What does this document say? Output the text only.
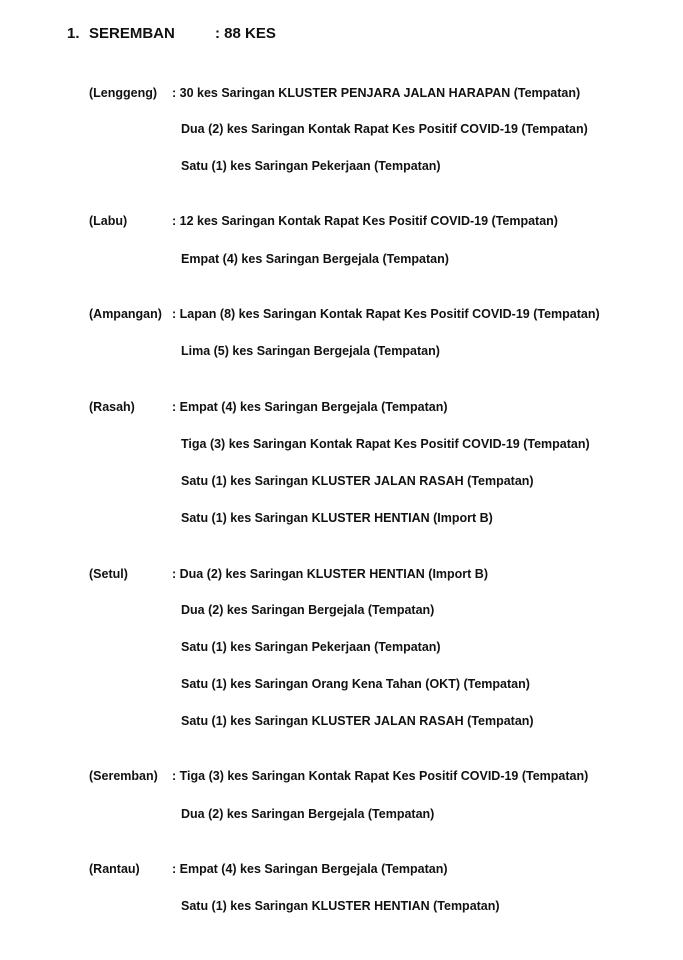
1. SEREMBAN	: 88 KES
(Lenggeng) : 30 kes Saringan KLUSTER PENJARA JALAN HARAPAN (Tempatan)
Dua (2) kes Saringan Kontak Rapat Kes Positif COVID-19 (Tempatan)
Satu (1) kes Saringan Pekerjaan (Tempatan)
(Labu)	: 12 kes Saringan Kontak Rapat Kes Positif COVID-19 (Tempatan)
Empat (4) kes Saringan Bergejala (Tempatan)
(Ampangan) : Lapan (8) kes Saringan Kontak Rapat Kes Positif COVID-19 (Tempatan)
Lima (5) kes Saringan Bergejala (Tempatan)
(Rasah)	: Empat (4) kes Saringan Bergejala (Tempatan)
Tiga (3) kes Saringan Kontak Rapat Kes Positif COVID-19 (Tempatan)
Satu (1) kes Saringan KLUSTER JALAN RASAH (Tempatan)
Satu (1) kes Saringan KLUSTER HENTIAN (Import B)
(Setul)	: Dua (2) kes Saringan KLUSTER HENTIAN (Import B)
Dua (2) kes Saringan Bergejala (Tempatan)
Satu (1) kes Saringan Pekerjaan (Tempatan)
Satu (1) kes Saringan Orang Kena Tahan (OKT) (Tempatan)
Satu (1) kes Saringan KLUSTER JALAN RASAH (Tempatan)
(Seremban) : Tiga (3) kes Saringan Kontak Rapat Kes Positif COVID-19 (Tempatan)
Dua (2) kes Saringan Bergejala (Tempatan)
(Rantau)	: Empat (4) kes Saringan Bergejala (Tempatan)
Satu (1) kes Saringan KLUSTER HENTIAN (Tempatan)
